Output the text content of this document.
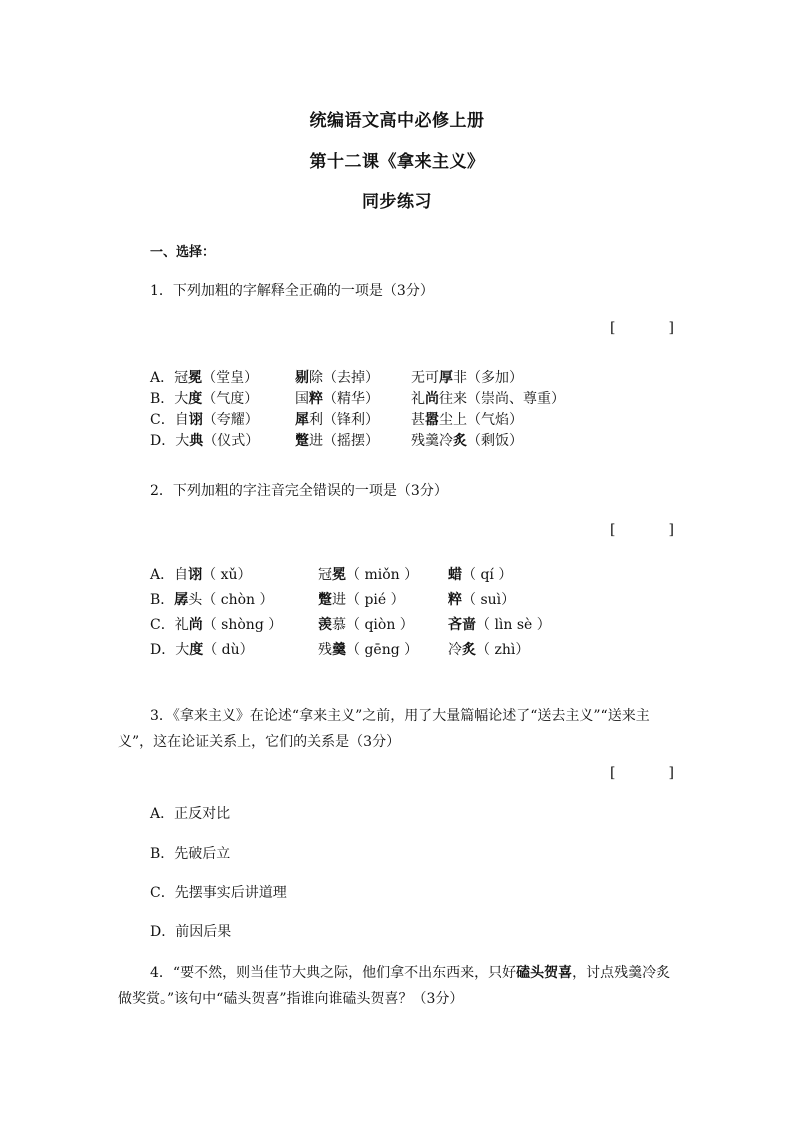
统编语文高中必修上册
第十二课《拿来主义》
同步练习
一、选择：
1．下列加粗的字解释全正确的一项是（3分）
[	]
A．冠冕（堂皇）	剔除（去掉）	无可厚非（多加）
B．大度（气度）	国粹（精华）	礼尚往来（崇尚、尊重）
C．自诩（夸耀）	犀利（锋利）	甚嚣尘上（气焰）
D．大典（仪式）	蹩进（摇摆）	残羹冷炙（剩饭）
2．下列加粗的字注音完全错误的一项是（3分）
[	]
A．自诩（ xǔ）	冠冕（ miǒn ）	蜡（ qí ）
B．孱头（ chòn ）	蹩进（ pié ）	粹（ suì）
C．礼尚（ shòng ）	羡慕（ qiòn ）	吝啬（ lìn sè ）
D．大度（ dù）	残羹（ gēng ）	冷炙（ zhì）
3．《拿来主义》在论述“拿来主义”之前，用了大量篇幅论述了“送去主义”“送来主义”，这在论证关系上，它们的关系是（3分）
[	]
A．正反对比
B．先破后立
C．先摆事实后讲道理
D．前因后果
4．“要不然，则当佳节大典之际，他们拿不出东西来，只好磕头贺喜，讨点残羹冷炙做奖赏。”该句中“磕头贺喜”指谁向谁磕头贺喜？（3分）
